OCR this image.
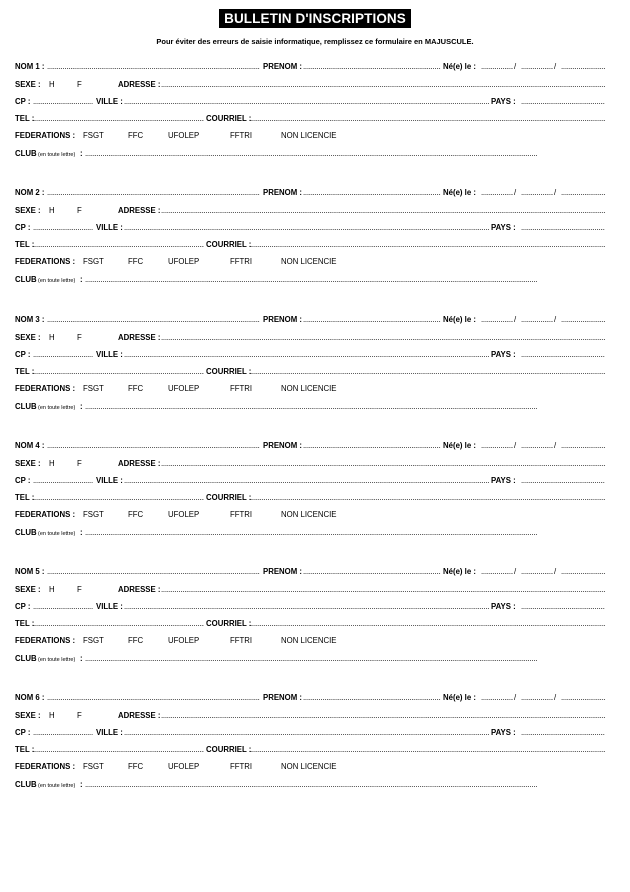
BULLETIN D'INSCRIPTIONS
Pour éviter des erreurs de saisie informatique, remplissez ce formulaire en MAJUSCULE.
NOM 1 : . . .	PRENOM : . . .	Né(e) le : . . .	/ . . .	/
. . .
SEXE : H	F	ADRESSE :
. . .
CP : . . .	VILLE : . . .	PAYS :
. . .
TEL : . . .	COURRIEL :
. . .
FEDERATIONS : FSGT	FFC	UFOLEP	FFTRI	NON LICENCIE
CLUB (en toute lettre) :
. . .
NOM 2 : . . .	PRENOM : . . .	Né(e) le : . . .	/ . . .	/
. . .
SEXE : H	F	ADRESSE :
. . .
CP : . . .	VILLE : . . .	PAYS :
. . .
TEL : . . .	COURRIEL :
. . .
FEDERATIONS : FSGT	FFC	UFOLEP	FFTRI	NON LICENCIE
CLUB (en toute lettre) :
. . .
NOM 3 : . . .	PRENOM : . . .	Né(e) le : . . .	/ . . .	/
. . .
SEXE : H	F	ADRESSE :
. . .
CP : . . .	VILLE : . . .	PAYS :
. . .
TEL : . . .	COURRIEL :
. . .
FEDERATIONS : FSGT	FFC	UFOLEP	FFTRI	NON LICENCIE
CLUB (en toute lettre) :
. . .
NOM 4 : . . .	PRENOM : . . .	Né(e) le : . . .	/ . . .	/
. . .
SEXE : H	F	ADRESSE :
. . .
CP : . . .	VILLE : . . .	PAYS :
. . .
TEL : . . .	COURRIEL :
. . .
FEDERATIONS : FSGT	FFC	UFOLEP	FFTRI	NON LICENCIE
CLUB (en toute lettre) :
. . .
NOM 5 : . . .	PRENOM : . . .	Né(e) le : . . .	/ . . .	/
. . .
SEXE : H	F	ADRESSE :
. . .
CP : . . .	VILLE : . . .	PAYS :
. . .
TEL : . . .	COURRIEL :
. . .
FEDERATIONS : FSGT	FFC	UFOLEP	FFTRI	NON LICENCIE
CLUB (en toute lettre) :
. . .
NOM 6 : . . .	PRENOM : . . .	Né(e) le : . . .	/ . . .	/
. . .
SEXE : H	F	ADRESSE :
. . .
CP : . . .	VILLE : . . .	PAYS :
. . .
TEL : . . .	COURRIEL :
. . .
FEDERATIONS : FSGT	FFC	UFOLEP	FFTRI	NON LICENCIE
CLUB (en toute lettre) :
. . .
